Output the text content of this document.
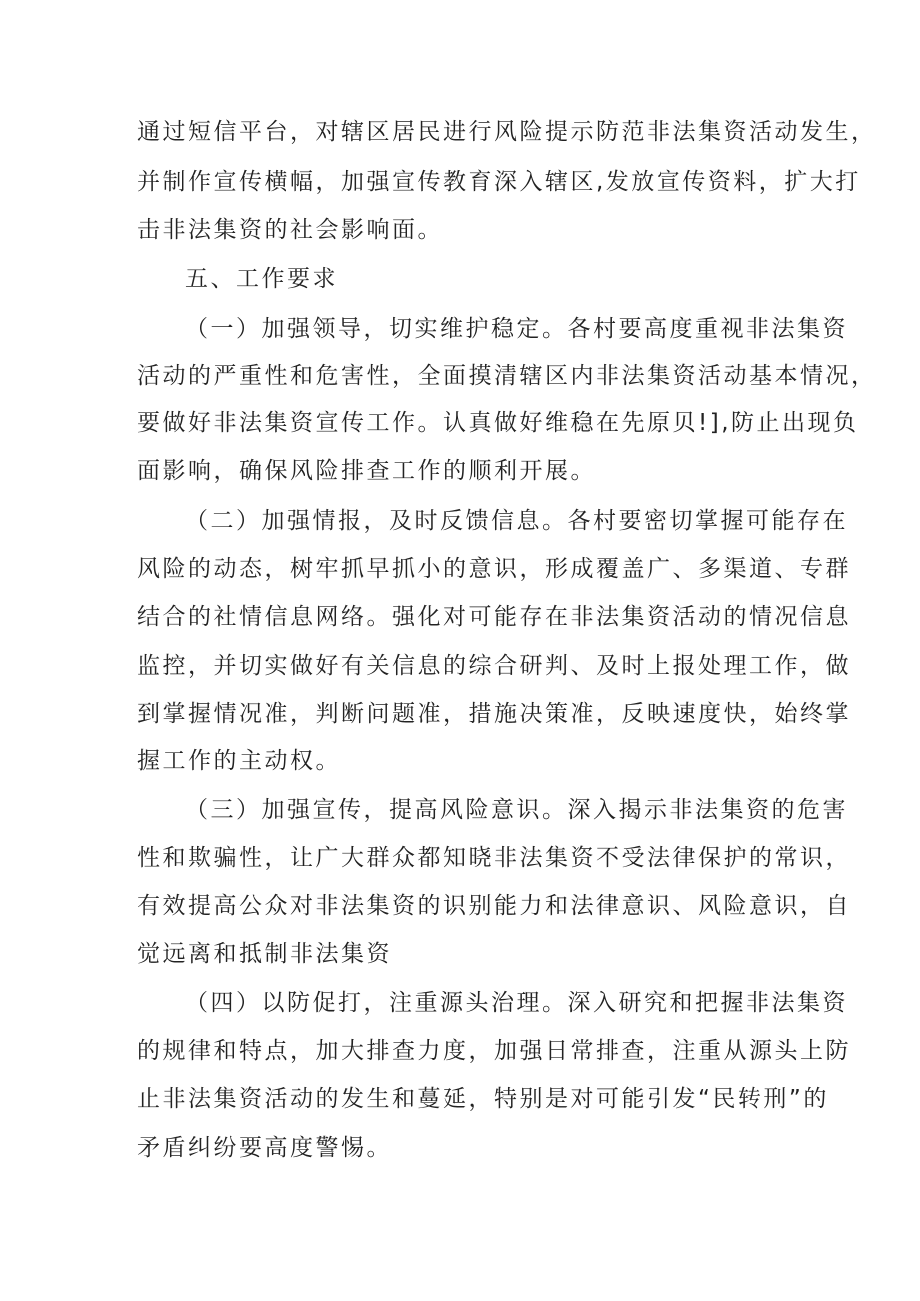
通过短信平台，对辖区居民进行风险提示防范非法集资活动发生，
并制作宣传横幅，加强宣传教育深入辖区,发放宣传资料，扩大打
击非法集资的社会影响面。
五、工作要求
（一）加强领导，切实维护稳定。各村要高度重视非法集资
活动的严重性和危害性，全面摸清辖区内非法集资活动基本情况，
要做好非法集资宣传工作。认真做好维稳在先原贝!],防止出现负
面影响，确保风险排查工作的顺利开展。
（二）加强情报，及时反馈信息。各村要密切掌握可能存在
风险的动态，树牢抓早抓小的意识，形成覆盖广、多渠道、专群
结合的社情信息网络。强化对可能存在非法集资活动的情况信息
监控，并切实做好有关信息的综合研判、及时上报处理工作，做
到掌握情况准，判断问题准，措施决策准，反映速度快，始终掌
握工作的主动权。
（三）加强宣传，提高风险意识。深入揭示非法集资的危害
性和欺骗性，让广大群众都知晓非法集资不受法律保护的常识，
有效提高公众对非法集资的识别能力和法律意识、风险意识，自
觉远离和抵制非法集资
（四）以防促打，注重源头治理。深入研究和把握非法集资
的规律和特点，加大排查力度，加强日常排查，注重从源头上防
止非法集资活动的发生和蔓延，特别是对可能引发“民转刑”的
矛盾纠纷要高度警惕。
